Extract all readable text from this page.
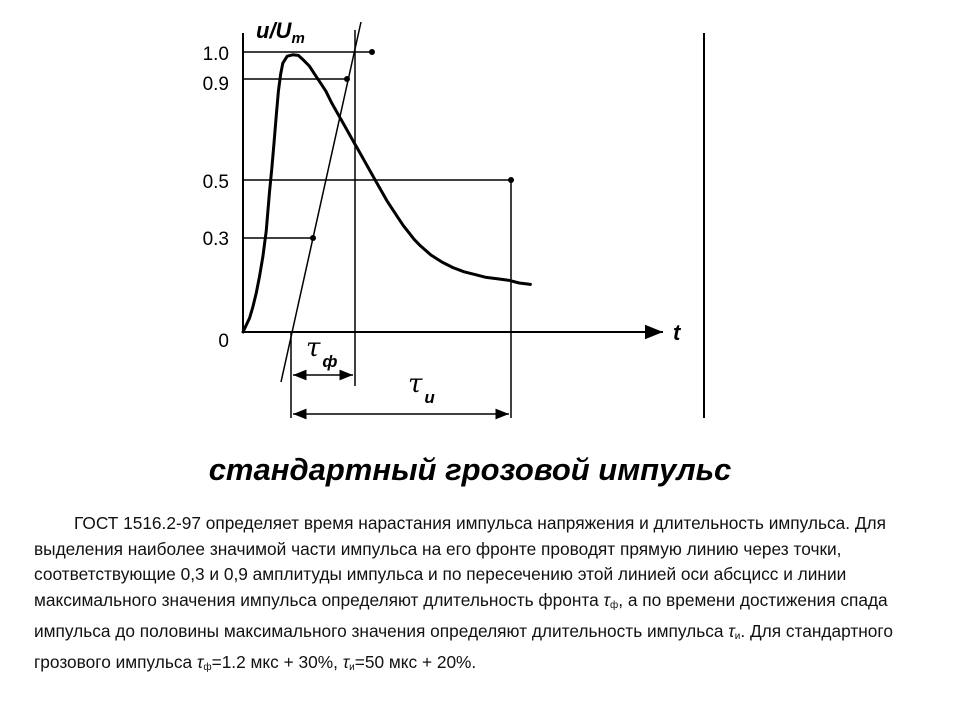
$u/U_m$
t
1.0
0.9
0.5
0.3
0	τф
τи
стандартный грозовой импульс

ГОСТ 1516.2-97 определяет время нарастания импульса напряжения и длительность импульса. Для выделения наиболее значимой части импульса на его фронте проводят прямую линию через точки, соответствующие 0,3 и 0,9 амплитуды импульса и по пересечению этой линией оси абсцисс и линии максимального значения импульса определяют длительность фронта $\tau_ф$, а по времени достижения спада импульса до половины максимального значения определяют длительность импульса $\tau_и$. Для стандартного грозового импульса $\tau_ф=1.2$ мкс + 30%, $\tau_и=50$ мкс + 20%.
